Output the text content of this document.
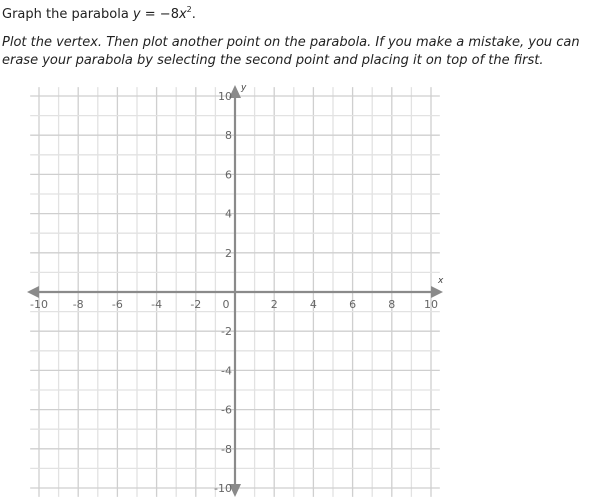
Graph the parabola $y = -8x^2$.
Plot the vertex. Then plot another point on the parabola. If you make a mistake, you can
erase your parabola by selecting the second point and placing it on top of the first.
x
y
-10 -8	-6	-4	-2 0	2	4	6	8	10
10
8
6
4
2
-2
-4
-6
-8
-10
